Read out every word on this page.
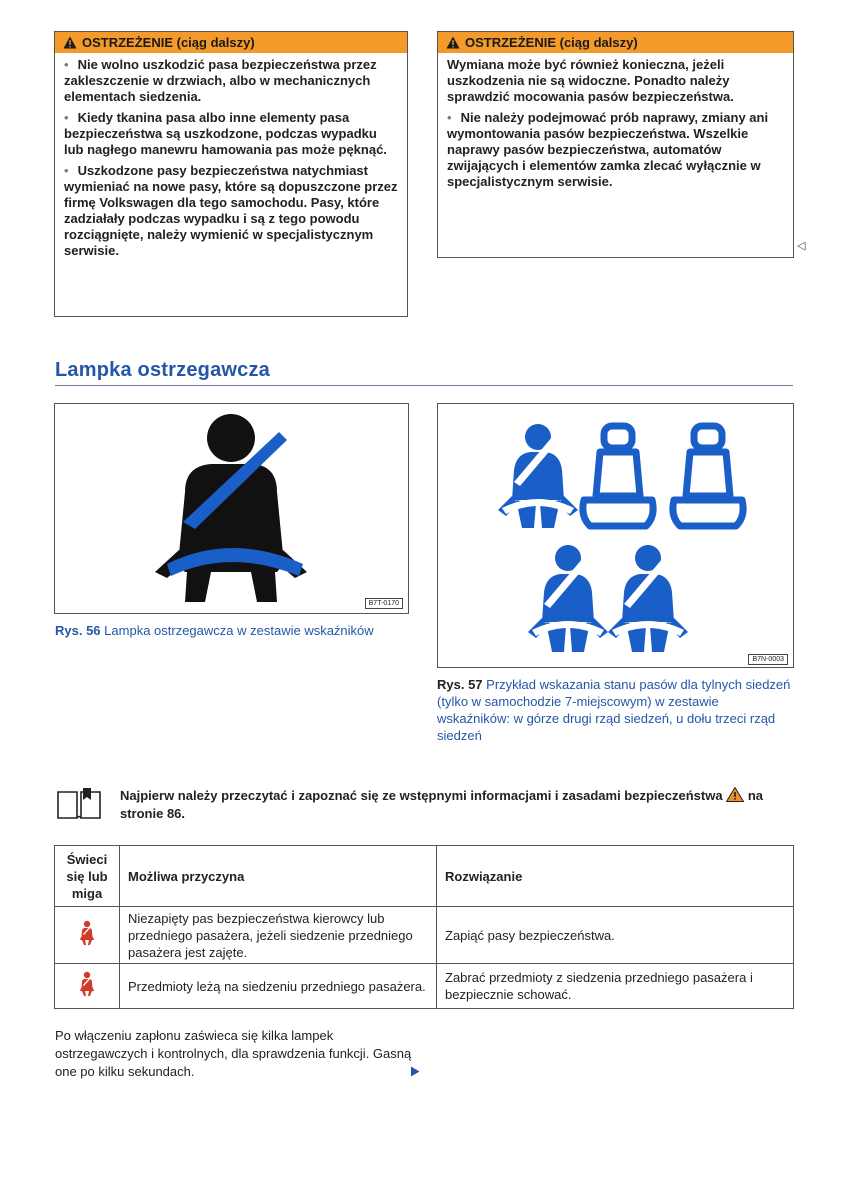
OSTRZEŻENIE (ciąg dalszy)

• Nie wolno uszkodzić pasa bezpieczeństwa przez zakleszczenie w drzwiach, albo w mechanicznych elementach siedzenia.

• Kiedy tkanina pasa albo inne elementy pasa bezpieczeństwa są uszkodzone, podczas wypadku lub nagłego manewru hamowania pas może pęknąć.

• Uszkodzone pasy bezpieczeństwa natychmiast wymieniać na nowe pasy, które są dopuszczone przez firmę Volkswagen dla tego samochodu. Pasy, które zadziałały podczas wypadku i są z tego powodu rozciągnięte, należy wymienić w specjalistycznym serwisie.

OSTRZEŻENIE (ciąg dalszy)

Wymiana może być również konieczna, jeżeli uszkodzenia nie są widoczne. Ponadto należy sprawdzić mocowania pasów bezpieczeństwa.

• Nie należy podejmować prób naprawy, zmiany ani wymontowania pasów bezpieczeństwa. Wszelkie naprawy pasów bezpieczeństwa, automatów zwijających i elementów zamka zlecać wyłącznie w specjalistycznym serwisie.

◁
Lampka ostrzegawcza
B7T-0170
Rys. 56 Lampka ostrzegawcza w zestawie wskaźników
B7N-0003
Rys. 57 Przykład wskazania stanu pasów dla tylnych siedzeń (tylko w samochodzie 7-miejscowym) w zestawie wskaźników: w górze drugi rząd siedzeń, u dołu trzeci rząd siedzeń
Najpierw należy przeczytać i zapoznać się ze wstępnymi informacjami i zasadami bezpieczeństwa na stronie 86.
Świeci się lub miga	Możliwa przyczyna	Rozwiązanie
	Niezapięty pas bezpieczeństwa kierowcy lub przedniego pasażera, jeżeli siedzenie przedniego pasażera jest zajęte.	Zapiąć pasy bezpieczeństwa.
	Przedmioty leżą na siedzeniu przedniego pasażera.	Zabrać przedmioty z siedzenia przedniego pasażera i bezpiecznie schować.
Po włączeniu zapłonu zaświeca się kilka lampek ostrzegawczych i kontrolnych, dla sprawdzenia funkcji. Gasną one po kilku sekundach.
